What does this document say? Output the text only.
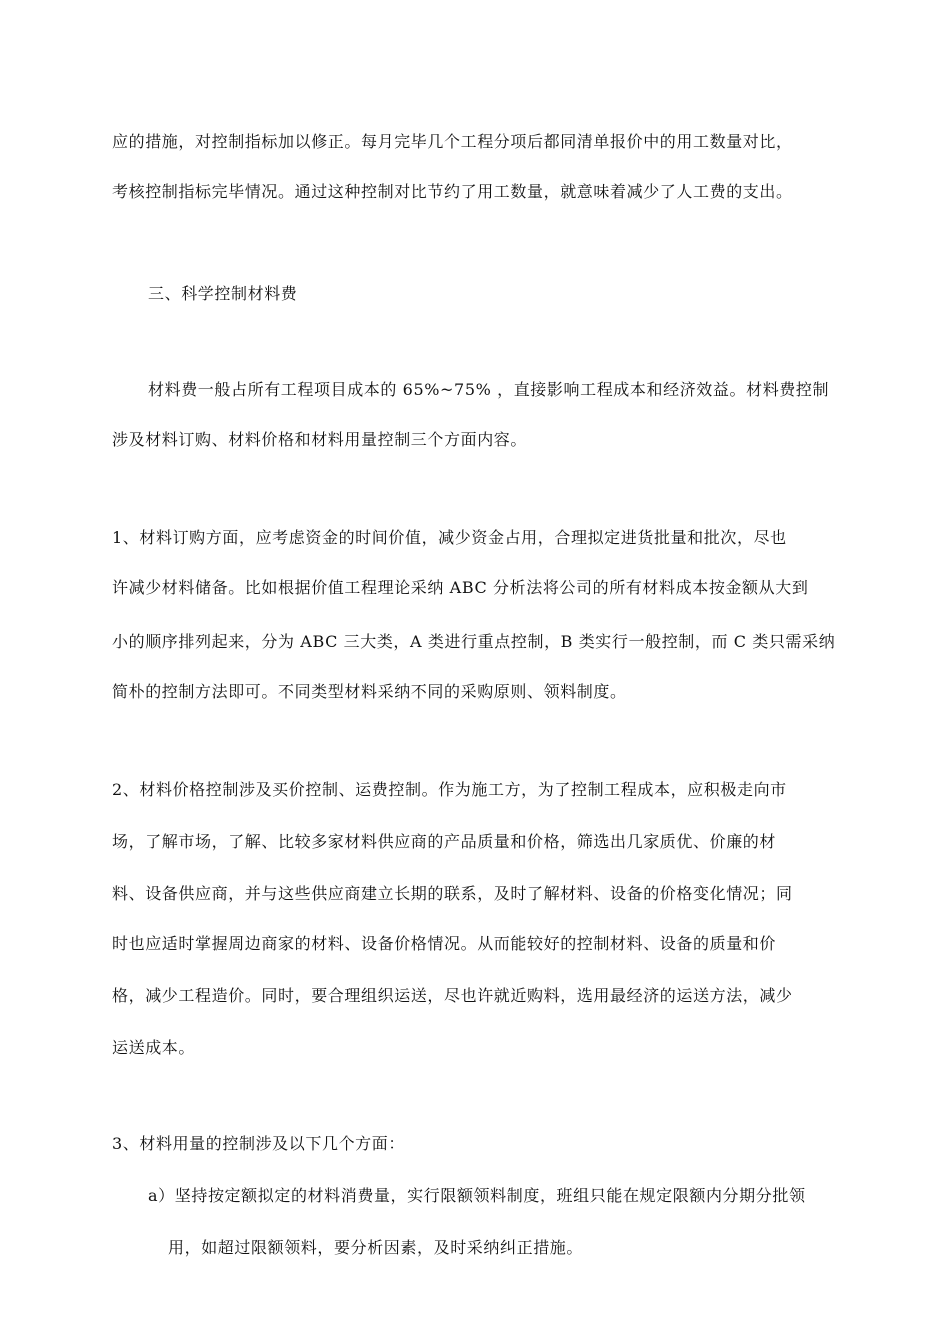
应的措施，对控制指标加以修正。每月完毕几个工程分项后都同清单报价中的用工数量对比，
考核控制指标完毕情况。通过这种控制对比节约了用工数量，就意味着减少了人工费的支出。
三、科学控制材料费
材料费一般占所有工程项目成本的 65%~75% ，直接影响工程成本和经济效益。材料费控制
涉及材料订购、材料价格和材料用量控制三个方面内容。
1、材料订购方面，应考虑资金的时间价值，减少资金占用，合理拟定进货批量和批次，尽也
许减少材料储备。比如根据价值工程理论采纳 ABC 分析法将公司的所有材料成本按金额从大到
小的顺序排列起来，分为 ABC 三大类，A 类进行重点控制，B 类实行一般控制，而 C 类只需采纳
简朴的控制方法即可。不同类型材料采纳不同的采购原则、领料制度。
2、材料价格控制涉及买价控制、运费控制。作为施工方，为了控制工程成本，应积极走向市
场，了解市场，了解、比较多家材料供应商的产品质量和价格，筛选出几家质优、价廉的材
料、设备供应商，并与这些供应商建立长期的联系，及时了解材料、设备的价格变化情况；同
时也应适时掌握周边商家的材料、设备价格情况。从而能较好的控制材料、设备的质量和价
格，减少工程造价。同时，要合理组织运送，尽也许就近购料，选用最经济的运送方法，减少
运送成本。
3、材料用量的控制涉及以下几个方面：
a）坚持按定额拟定的材料消费量，实行限额领料制度，班组只能在规定限额内分期分批领
用，如超过限额领料，要分析因素，及时采纳纠正措施。
